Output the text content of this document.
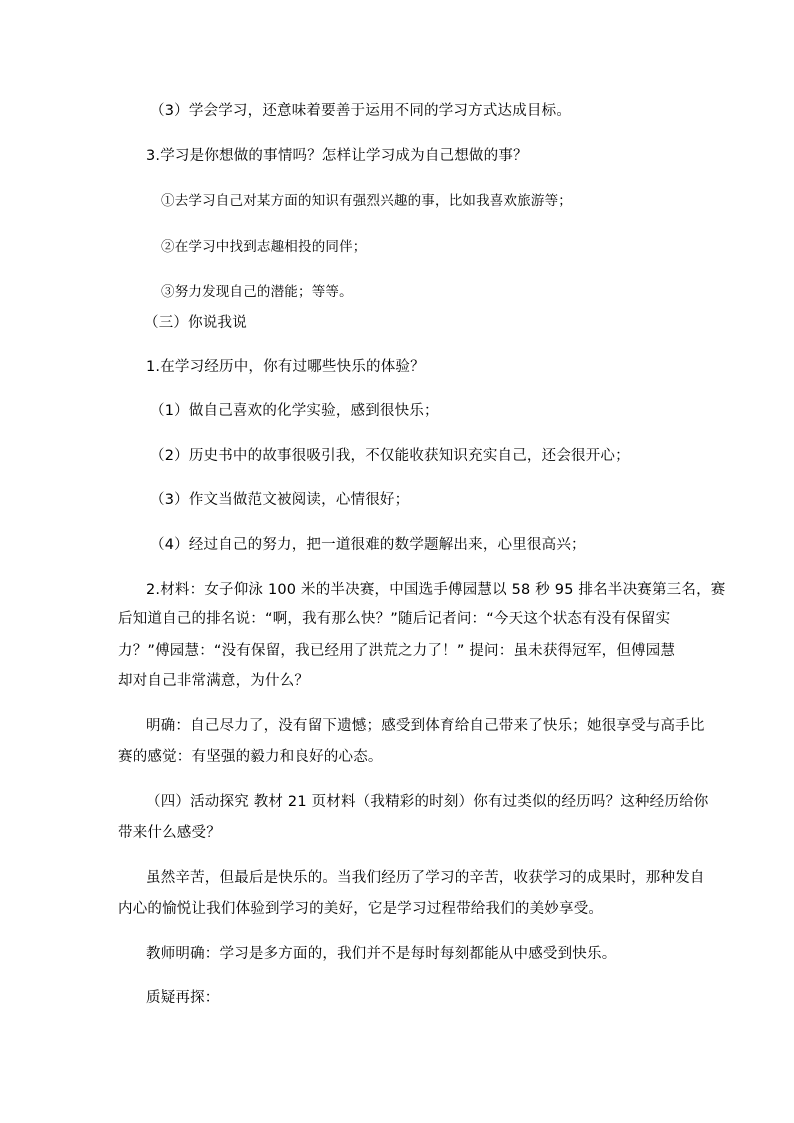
（3）学会学习，还意味着要善于运用不同的学习方式达成目标。
3.学习是你想做的事情吗？怎样让学习成为自己想做的事？
①去学习自己对某方面的知识有强烈兴趣的事，比如我喜欢旅游等；
②在学习中找到志趣相投的同伴；
③努力发现自己的潜能；等等。
（三）你说我说
1.在学习经历中，你有过哪些快乐的体验？
（1）做自己喜欢的化学实验，感到很快乐；
（2）历史书中的故事很吸引我，不仅能收获知识充实自己，还会很开心；
（3）作文当做范文被阅读，心情很好；
（4）经过自己的努力，把一道很难的数学题解出来，心里很高兴；
2.材料：女子仰泳 100 米的半决赛，中国选手傅园慧以 58 秒 95 排名半决赛第三名，赛
后知道自己的排名说：“啊，我有那么快？”随后记者问：“今天这个状态有没有保留实
力？”傅园慧：“没有保留，我已经用了洪荒之力了！” 提问：虽未获得冠军，但傅园慧
却对自己非常满意，为什么？
明确：自己尽力了，没有留下遗憾；感受到体育给自己带来了快乐；她很享受与高手比
赛的感觉：有坚强的毅力和良好的心态。
（四）活动探究 教材 21 页材料（我精彩的时刻）你有过类似的经历吗？这种经历给你
带来什么感受？
虽然辛苦，但最后是快乐的。当我们经历了学习的辛苦，收获学习的成果时，那种发自
内心的愉悦让我们体验到学习的美好，它是学习过程带给我们的美妙享受。
教师明确：学习是多方面的，我们并不是每时每刻都能从中感受到快乐。
质疑再探：
